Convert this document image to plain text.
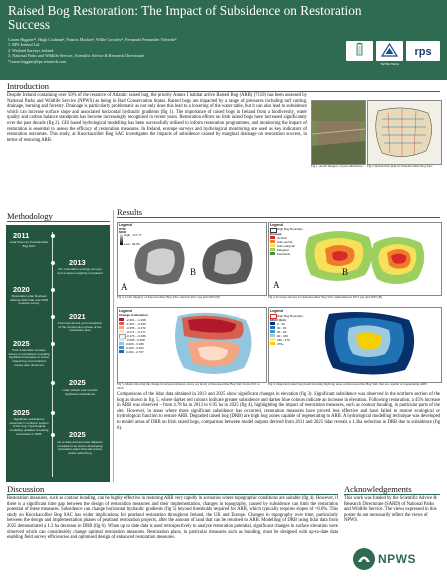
Raised Bog Restoration: The Impact of Subsidence on Restoration Success
Ciaran Higgins¹², Hugh Cushnan¹, Francis Mackin², Willie Crowley³, Fernando Fernandez Valverde³
1. RPS Ireland Ltd
2. Wetland Surveys Ireland
3. National Parks and Wildlife Service, Scientific Advice & Research Directorate
*ciaran.higgins@rps.tetratech.com
TETRA TECH
rps
Introduction
Despite Ireland containing over 50% of the resource of Atlantic raised bog, the priority Annex I habitat active Raised Bog (ARB) (7110) has been assessed by National Parks and Wildlife Service (NPWS) as being in Bad Conservation Status. Raised bogs are impacted by a range of pressures including turf cutting, drainage, burning and forestry. Drainage is particularly problematic as not only does this lead to a lowering of the water table, but it can also lead to subsidence which can increase surface slope and associated horizontal hydraulic gradients (fig 1). The importance of raised bogs in Ireland from a biodiversity, water quality and carbon balance standpoint has become increasingly recognised in recent years. Restoration efforts on Irish raised bogs have increased significantly over the past decade (fig 2). GIS based hydrological modelling has been successfully utilised to inform restoration programmes, and monitoring the impact of restoration is essential to assess the efficacy of restoration measures. In Ireland, ecotope surveys and hydrological monitoring are used as key indicators of restoration outcomes. This study, at Knockacollier Bog SAC investigates the impacts of subsidence caused by marginal drainage on restoration success, in terms of restoring ARB.
Fig 1. Aerial imagery of peat subsidence. Fig 2. Restoration plan for Knockacollier Bog SAC
Methodology
2011
Lidar flown for Knockacollier Bog SAC
2013
Pre restoration ecology surveys and ecotope mapping completed
2020
Restoration plan finalised utilising 2011 lidar and 2020 ecotope survey
2021
Commencement and completion of the construction phase of the restoration plan
2025
Post restoration ecotope survey is completed, revealing significant increases in Active raised bog, but localised losses also observed
2025
Lidar reflown and records significant subsidence
2025
Significant subsidence observed in northern section of the bog. Hydrological modelling updated revealing decreases in DRB	2025
Up to date and accurate datasets revealed to be vital in developing restoration plans that will restore active raised bog
Results
Legend
DTM
MOD
High : 117.77
Low : 96.96
A
B
Fig 3. Lidar imagery of Knockacollier Bog SAC taken in 2011 (A) and 2025 (B)
Legend
High Bog Boundary
Ecotope
Central
Sub-central
Sub-marginal
Marginal
Facebank
A
B
Fig 4. Ecotope surveys for Knockacollier Bog SAC undertaken in 2013 (A) and 2025 (B)
Legend
Change in Elevation
-2.461 - -1.008
-1.007 - -0.356
-0.355 - -0.272
-0.271 - -0.177
-0.176 - -0.096
-0.095 - 0.008
0.009 - 0.189
0.190 - 0.403
0.404 - 2.767
Fig 5. Model showing the change in elevation (metres above sea level) of Knockacollier Bog SAC from 2011 to 2025.
Legend
High Bog Boundary
MFAC (km)
0 - 30
30 - 60
60 - 90
90 - 180
180 - 270
270+
Fig 6. Degraded raised bog model showing high bog areas on Knockacollier Bog SAC that are capable of regenerating ARB.
Comparisons of the lidar data obtained in 2013 and 2025 show significant changes in elevation (fig 3). Significant subsidence was observed in the northern section of the bog as shown in fig. 5, where darker red colours indicate greater subsidence and darker blue colours indicate an increase in elevation. Following restoration, a 45% increase in ARB was observed – from 4.78 ha in 2013 to 6.95 ha in 2025 (fig 4), highlighting the impact of restoration measures, such as contour bunding, in particular parts of the site. However, in areas where more significant subsidence has occurred, restoration measures have proved less effective and have failed to restore ecological or hydrological function to restore ARB. Degraded raised bog (DRB) are high bog zones capable of regenerating to ARB. A hydrological modelling technique was developed to model areas of DRB on Irish raised bogs, comparison between model outputs derived from 2011 and 2025 lidar reveals a 1.3ha reduction in DRB due to subsidence (fig 6).
Discussion
Restoration measures, such as contour bunding, can be highly effective in restoring ARB very rapidly in scenarios where topographic conditions are suitable (fig 4). However, if there is a significant time gap between the design of restoration measures and their implementation, changes in topography, caused by subsidence can limit the restoration potential of these measures. Subsidence can change horizontal hydraulic gradients (fig 5) beyond thresholds required for ARB, which typically requires slopes of <0.6%. This study on Knockacollier Bog SAC has wider implications for peatland restoration throughout Ireland, the UK and Europe. Changes in topography over time, particularly between the design and implementation phases of peatland restoration projects, after the amount of land that can be returned to ARB. Modelling of DRB using lidar data from 2025 demonstrated a 1.3 ha decrease in DRB (fig 6). When up to date data is used retrospectively to analyse restoration potential, significant changes in surface elevation were observed which can considerably change optimal restoration measures. Restoration plans, in particular measures such as bunding, must be designed with up-to-date data enabling field survey efficiencies and optimised design of enhanced restoration measures.
Acknowledgements
This work was funded by the Scientific Advice & Research Directorate (SARD) of National Parks and Wildlife Service. The views expressed in this poster do not necessarily reflect the views of NPWS.
NPWS
